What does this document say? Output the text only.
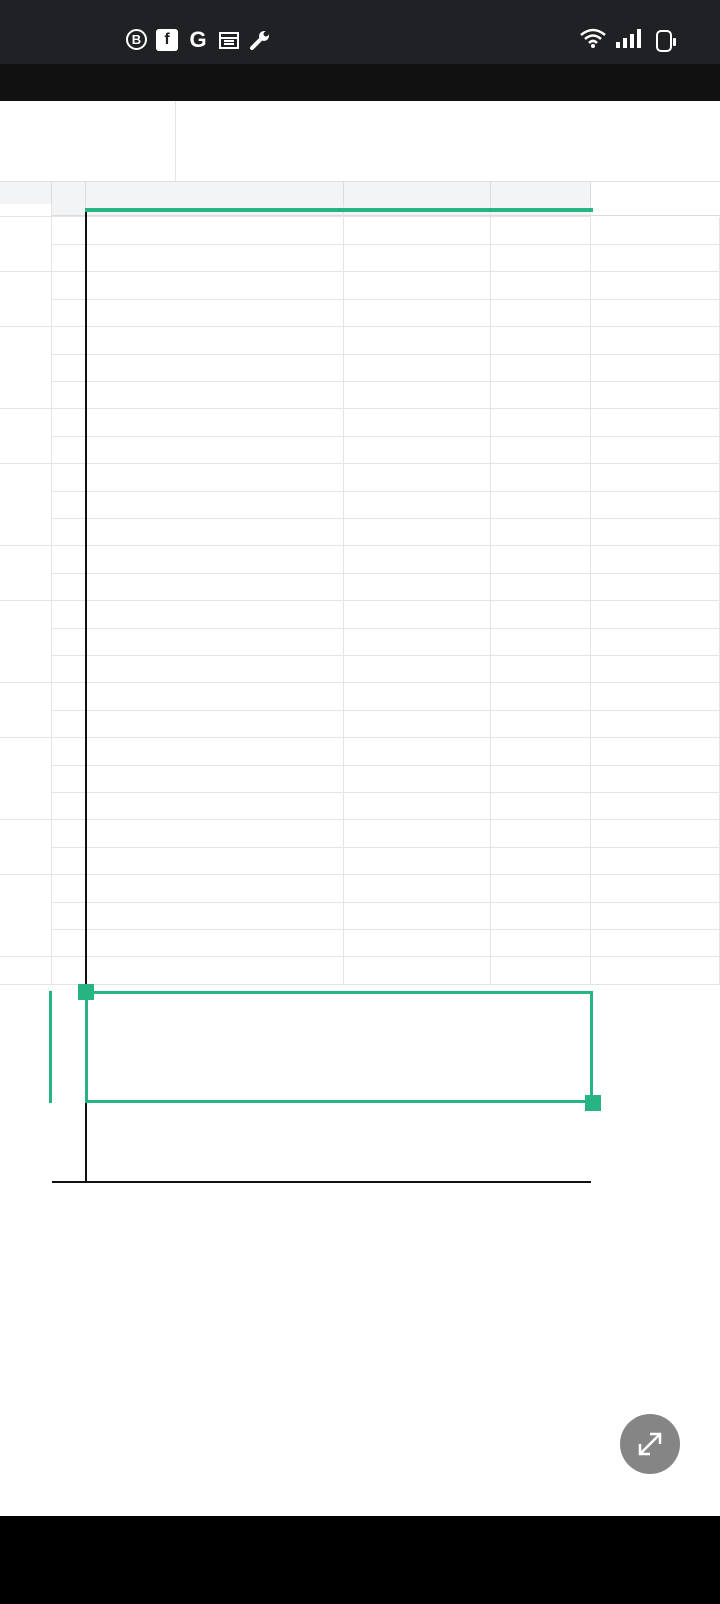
B	f G
